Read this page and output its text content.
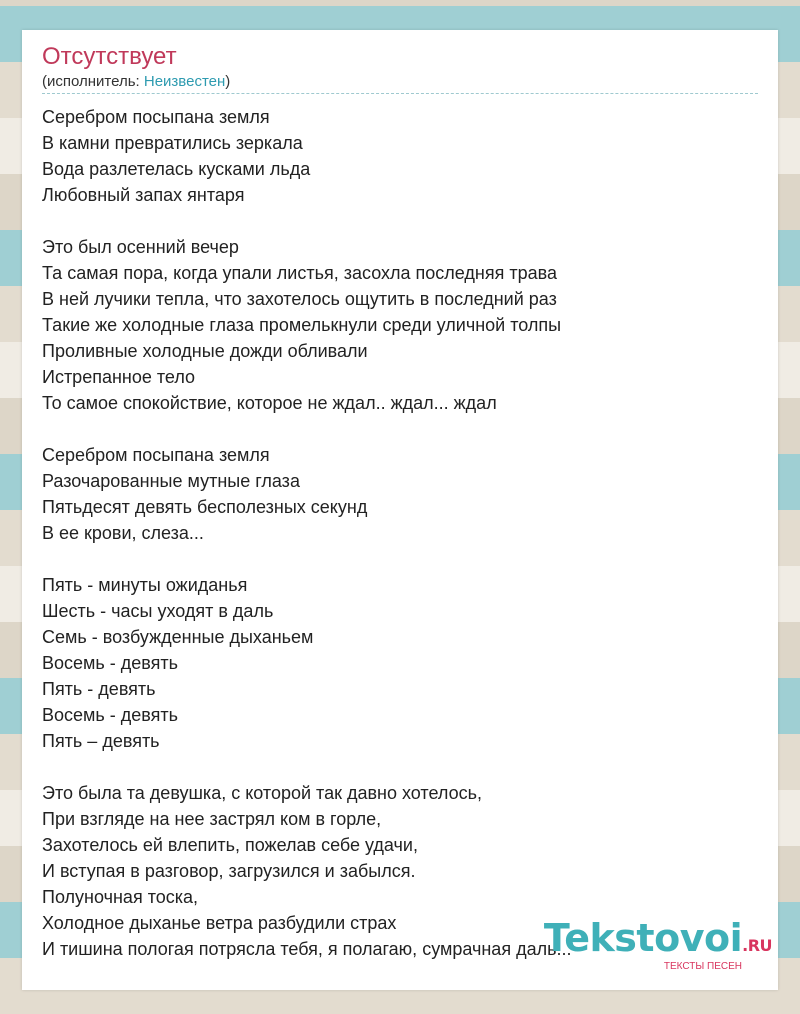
Отсутствует
(исполнитель: Неизвестен)
Серебром посыпана земля
В камни превратились зеркала
Вода разлетелась кусками льда
Любовный запах янтаря
Это был осенний вечер
Та самая пора, когда упали листья, засохла последняя трава
В ней лучики тепла, что захотелось ощутить в последний раз
Такие же холодные глаза промелькнули среди уличной толпы
Проливные холодные дожди обливали
Истрепанное тело
То самое спокойствие, которое не ждал.. ждал... ждал
Серебром посыпана земля
Разочарованные мутные глаза
Пятьдесят девять бесполезных секунд
В ее крови, слеза...
Пять - минуты ожиданья
Шесть - часы уходят в даль
Семь - возбужденные дыханьем
Восемь - девять
Пять - девять
Восемь - девять
Пять – девять
Это была та девушка, с которой так давно хотелось,
При взгляде на нее застрял ком в горле,
Захотелось ей влепить, пожелав себе удачи,
И вступая в разговор, загрузился и забылся.
Полуночная тоска,
Холодное дыханье ветра разбудили страх
И тишина пологая потрясла тебя, я полагаю, сумрачная даль...
Tekstovoi.RU
ТЕКСТЫ ПЕСЕН
